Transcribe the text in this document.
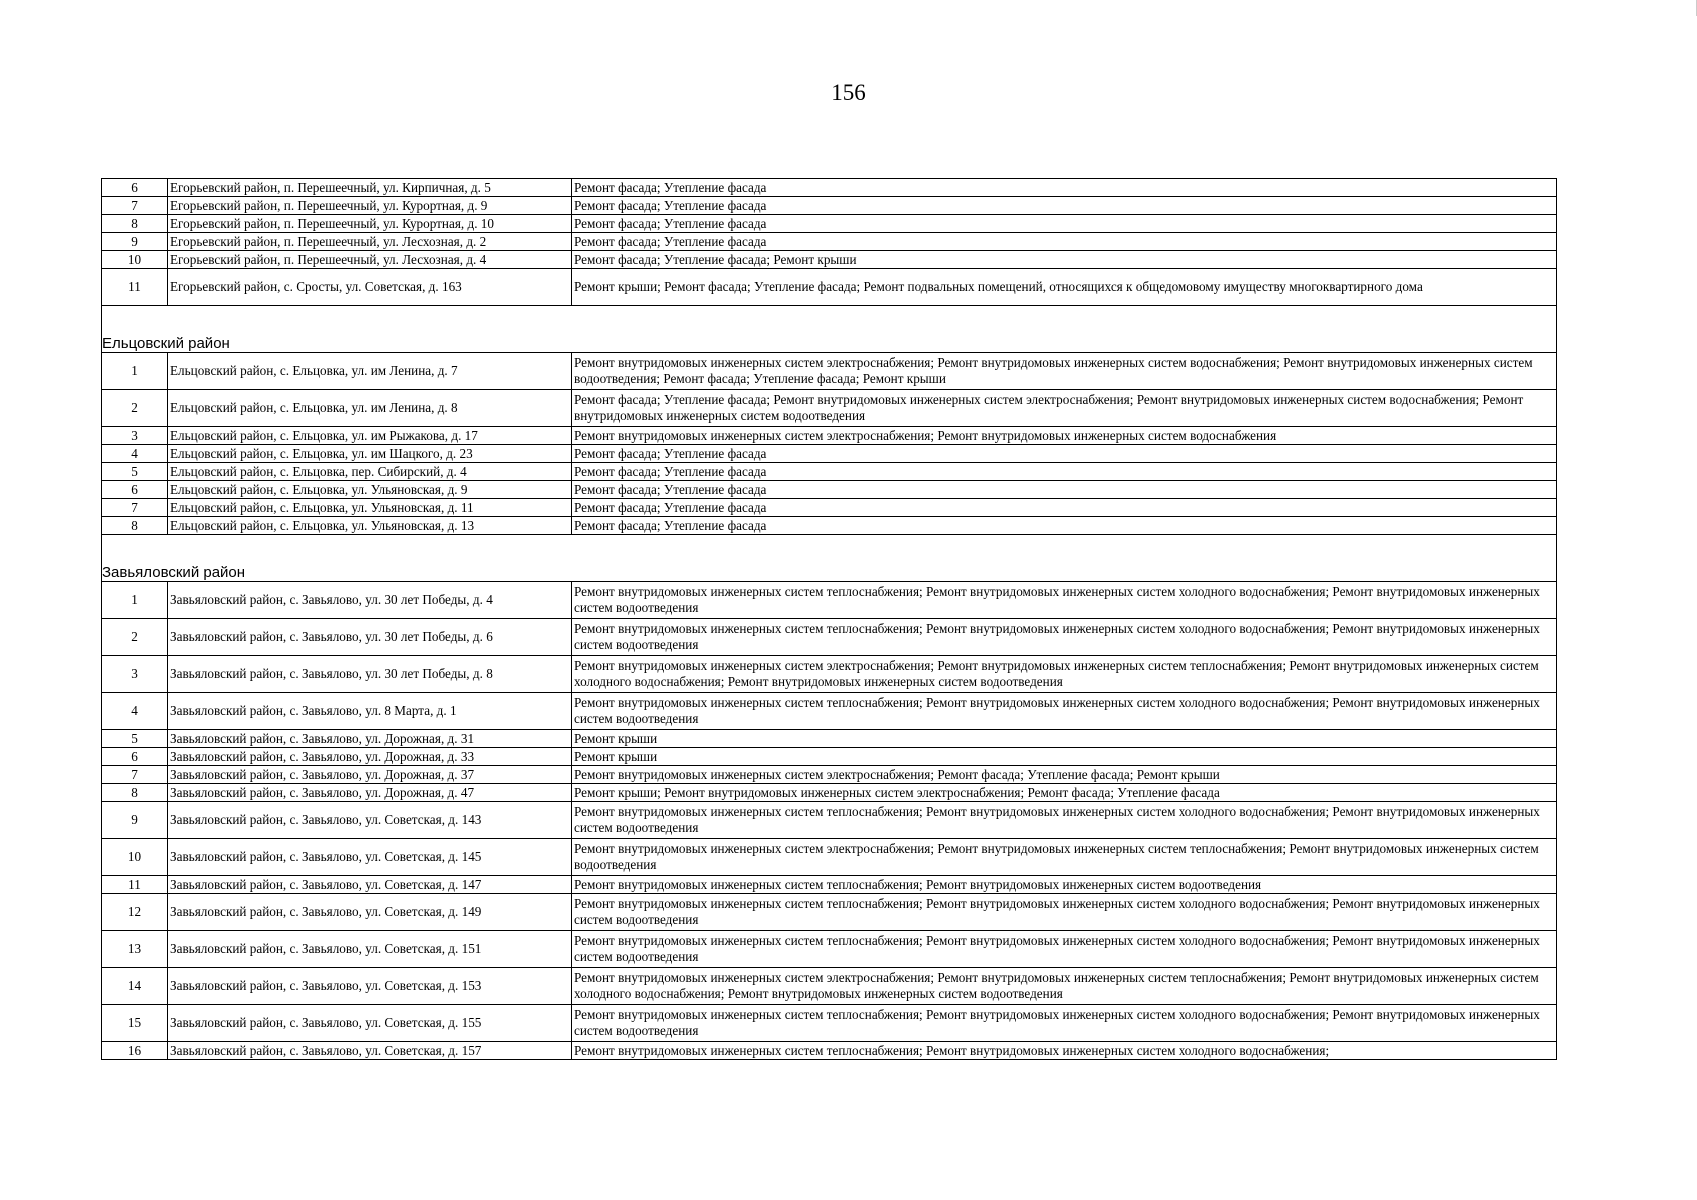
156
6	Егорьевский район, п. Перешеечный, ул. Кирпичная, д. 5	Ремонт фасада; Утепление фасада
7	Егорьевский район, п. Перешеечный, ул. Курортная, д. 9	Ремонт фасада; Утепление фасада
8	Егорьевский район, п. Перешеечный, ул. Курортная, д. 10	Ремонт фасада; Утепление фасада
9	Егорьевский район, п. Перешеечный, ул. Лесхозная, д. 2	Ремонт фасада; Утепление фасада
10	Егорьевский район, п. Перешеечный, ул. Лесхозная, д. 4	Ремонт фасада; Утепление фасада; Ремонт крыши
11	Егорьевский район, с. Сросты, ул. Советская, д. 163	Ремонт крыши; Ремонт фасада; Утепление фасада; Ремонт подвальных помещений, относящихся к общедомовому имуществу многоквартирного дома

Ельцовский район		
1	Ельцовский район, с. Ельцовка, ул. им Ленина, д. 7	Ремонт внутридомовых инженерных систем электроснабжения; Ремонт внутридомовых инженерных систем водоснабжения; Ремонт внутридомовых инженерных систем водоотведения; Ремонт фасада; Утепление фасада; Ремонт крыши
2	Ельцовский район, с. Ельцовка, ул. им Ленина, д. 8	Ремонт фасада; Утепление фасада; Ремонт внутридомовых инженерных систем электроснабжения; Ремонт внутридомовых инженерных систем водоснабжения; Ремонт внутридомовых инженерных систем водоотведения
3	Ельцовский район, с. Ельцовка, ул. им Рыжакова, д. 17	Ремонт внутридомовых инженерных систем электроснабжения; Ремонт внутридомовых инженерных систем водоснабжения
4	Ельцовский район, с. Ельцовка, ул. им Шацкого, д. 23	Ремонт фасада; Утепление фасада
5	Ельцовский район, с. Ельцовка, пер. Сибирский, д. 4	Ремонт фасада; Утепление фасада
6	Ельцовский район, с. Ельцовка, ул. Ульяновская, д. 9	Ремонт фасада; Утепление фасада
7	Ельцовский район, с. Ельцовка, ул. Ульяновская, д. 11	Ремонт фасада; Утепление фасада
8	Ельцовский район, с. Ельцовка, ул. Ульяновская, д. 13	Ремонт фасада; Утепление фасада

Завьяловский район		
1	Завьяловский район, с. Завьялово, ул. 30 лет Победы, д. 4	Ремонт внутридомовых инженерных систем теплоснабжения; Ремонт внутридомовых инженерных систем холодного водоснабжения; Ремонт внутридомовых инженерных систем водоотведения
2	Завьяловский район, с. Завьялово, ул. 30 лет Победы, д. 6	Ремонт внутридомовых инженерных систем теплоснабжения; Ремонт внутридомовых инженерных систем холодного водоснабжения; Ремонт внутридомовых инженерных систем водоотведения
3	Завьяловский район, с. Завьялово, ул. 30 лет Победы, д. 8	Ремонт внутридомовых инженерных систем электроснабжения; Ремонт внутридомовых инженерных систем теплоснабжения; Ремонт внутридомовых инженерных систем холодного водоснабжения; Ремонт внутридомовых инженерных систем водоотведения
4	Завьяловский район, с. Завьялово, ул. 8 Марта, д. 1	Ремонт внутридомовых инженерных систем теплоснабжения; Ремонт внутридомовых инженерных систем холодного водоснабжения; Ремонт внутридомовых инженерных систем водоотведения
5	Завьяловский район, с. Завьялово, ул. Дорожная, д. 31	Ремонт крыши
6	Завьяловский район, с. Завьялово, ул. Дорожная, д. 33	Ремонт крыши
7	Завьяловский район, с. Завьялово, ул. Дорожная, д. 37	Ремонт внутридомовых инженерных систем электроснабжения; Ремонт фасада; Утепление фасада; Ремонт крыши
8	Завьяловский район, с. Завьялово, ул. Дорожная, д. 47	Ремонт крыши; Ремонт внутридомовых инженерных систем электроснабжения; Ремонт фасада; Утепление фасада
9	Завьяловский район, с. Завьялово, ул. Советская, д. 143	Ремонт внутридомовых инженерных систем теплоснабжения; Ремонт внутридомовых инженерных систем холодного водоснабжения; Ремонт внутридомовых инженерных систем водоотведения
10	Завьяловский район, с. Завьялово, ул. Советская, д. 145	Ремонт внутридомовых инженерных систем электроснабжения; Ремонт внутридомовых инженерных систем теплоснабжения; Ремонт внутридомовых инженерных систем водоотведения
11	Завьяловский район, с. Завьялово, ул. Советская, д. 147	Ремонт внутридомовых инженерных систем теплоснабжения; Ремонт внутридомовых инженерных систем водоотведения
12	Завьяловский район, с. Завьялово, ул. Советская, д. 149	Ремонт внутридомовых инженерных систем теплоснабжения; Ремонт внутридомовых инженерных систем холодного водоснабжения; Ремонт внутридомовых инженерных систем водоотведения
13	Завьяловский район, с. Завьялово, ул. Советская, д. 151	Ремонт внутридомовых инженерных систем теплоснабжения; Ремонт внутридомовых инженерных систем холодного водоснабжения; Ремонт внутридомовых инженерных систем водоотведения
14	Завьяловский район, с. Завьялово, ул. Советская, д. 153	Ремонт внутридомовых инженерных систем электроснабжения; Ремонт внутридомовых инженерных систем теплоснабжения; Ремонт внутридомовых инженерных систем холодного водоснабжения; Ремонт внутридомовых инженерных систем водоотведения
15	Завьяловский район, с. Завьялово, ул. Советская, д. 155	Ремонт внутридомовых инженерных систем теплоснабжения; Ремонт внутридомовых инженерных систем холодного водоснабжения; Ремонт внутридомовых инженерных систем водоотведения
16	Завьяловский район, с. Завьялово, ул. Советская, д. 157	Ремонт внутридомовых инженерных систем теплоснабжения; Ремонт внутридомовых инженерных систем холодного водоснабжения;
